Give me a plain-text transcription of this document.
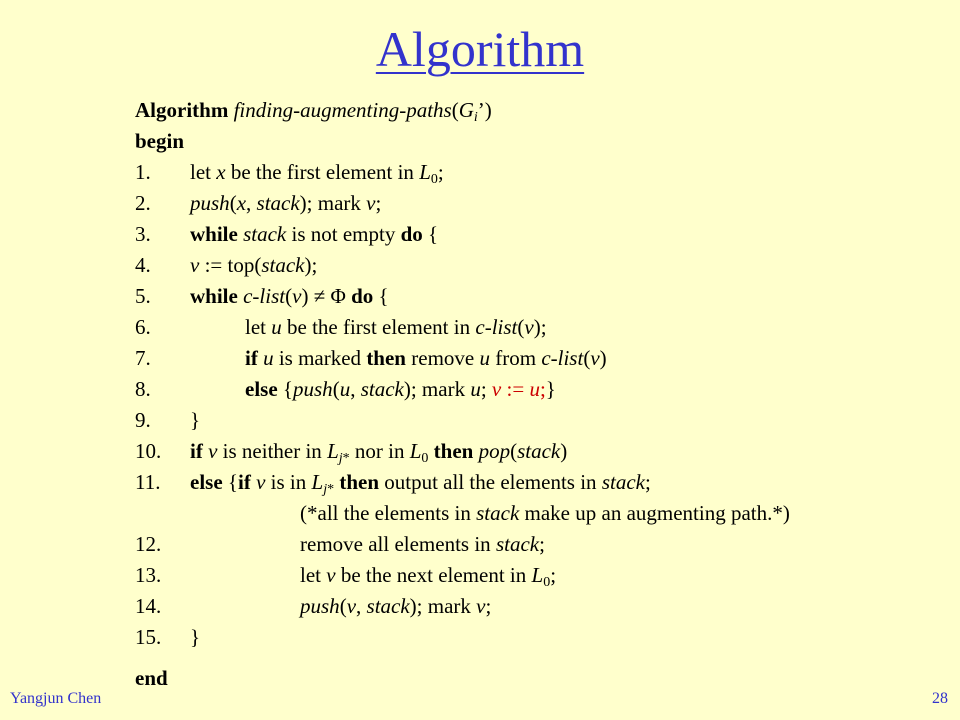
Algorithm
Algorithm finding-$augmenting-paths(G_i’)$
begin
1. let x be the first element in $L_0$;
2. push(x, stack); mark v;
3. while stack is not empty do {
4. v := top(stack);
5. while c-list(v) ≠ Φ do {
6.	let u be the first element in c-list(v);
7.	if u is marked then remove u from c-list(v)
8.	else {push(u, stack); mark u; v := u;}
9. }
10. if v is neither in $L_{j*}$ nor in $L_0$ then pop(stack)
11. else {if v is in $L_{j*}$ then output all the elements in stack;
(*all the elements in stack make up an augmenting path.*)
12.	remove all elements in stack;
13.	let v be the next element in $L_0$;
14.	push(v, stack); mark v;
15. }
end
Yangjun Chen	28
